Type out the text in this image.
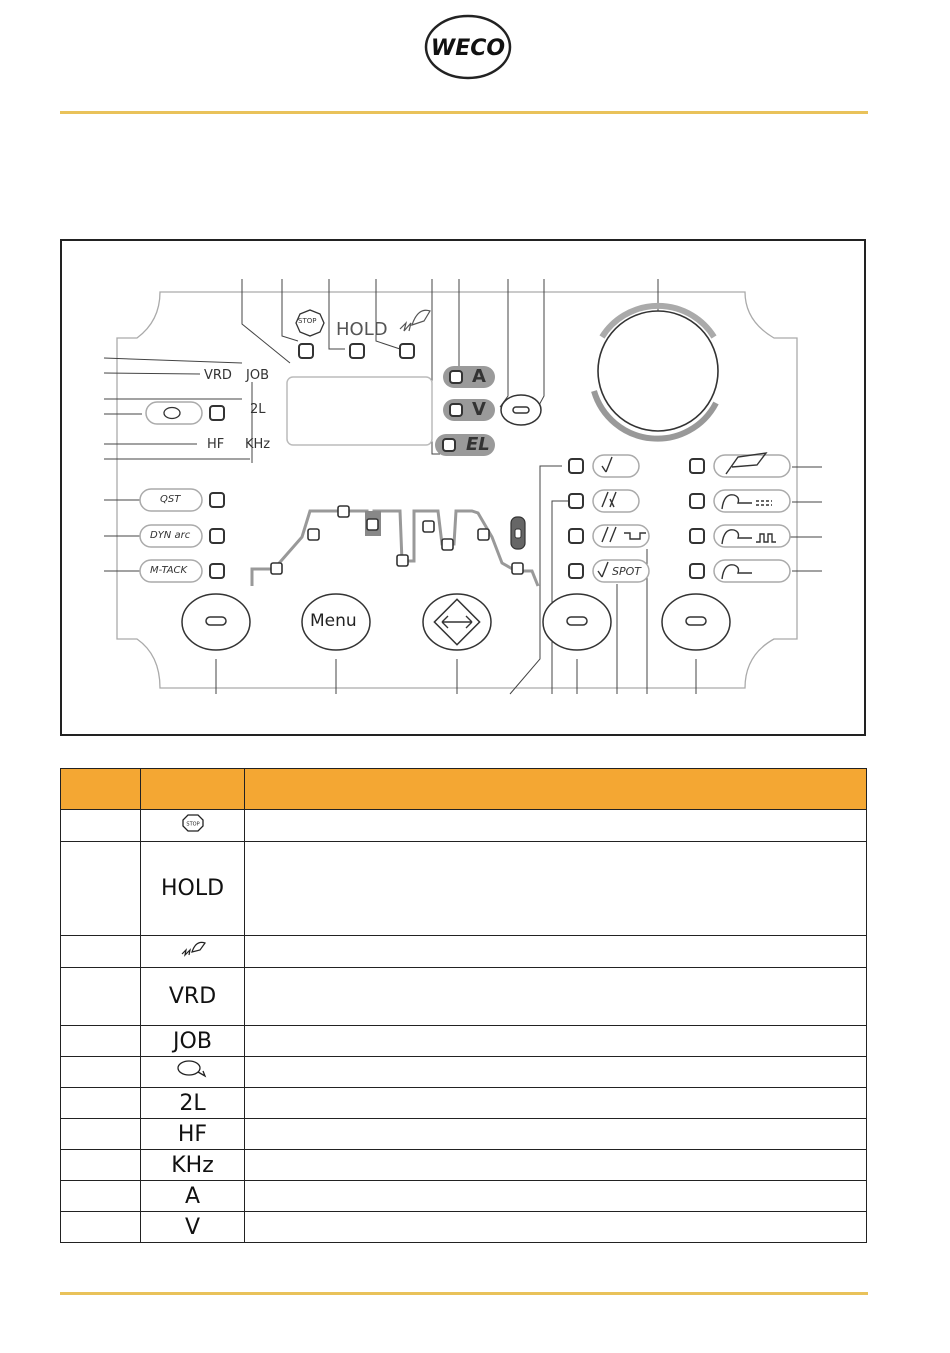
WECO
STOP HOLD
VRD JOB
2L
HF KHz
A
V
EL
QST
DYN arc
M-TACK	SPOT
Menu

STOP	

	HOLD	

	VRD	
	JOB	

	2L	
	HF	
	KHz	
	A	
	V	
